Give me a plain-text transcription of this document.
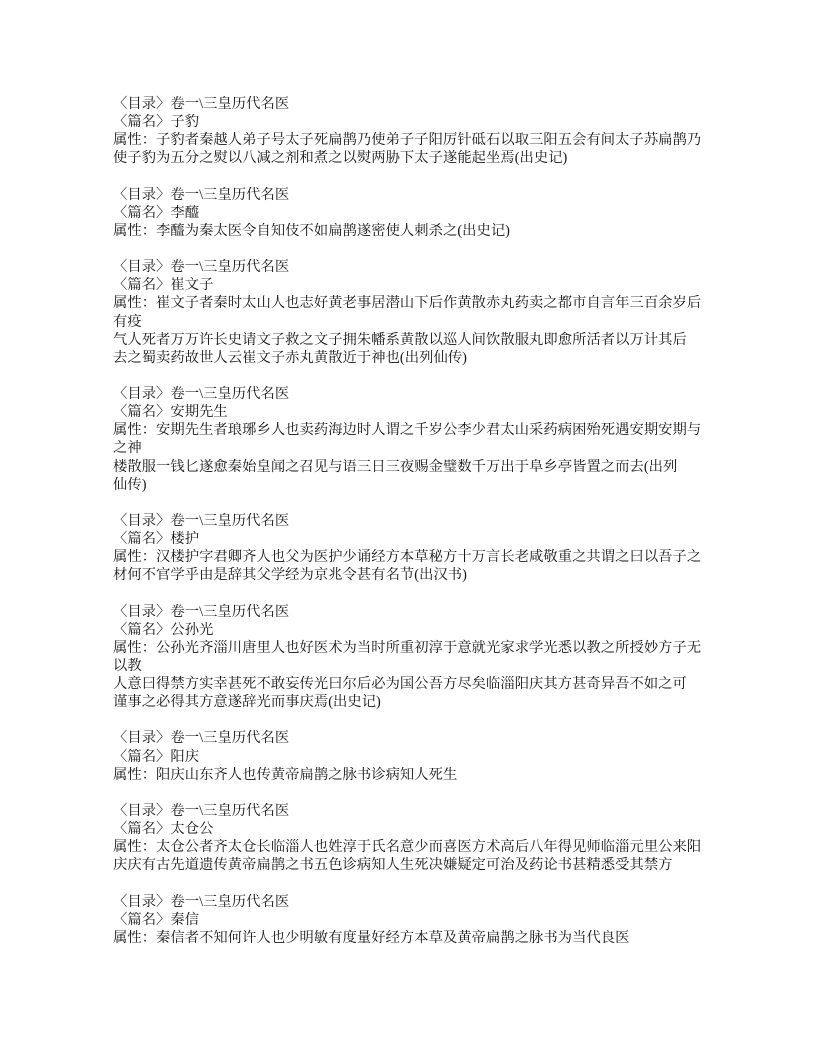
〈目录〉卷一\三皇历代名医
〈篇名〉子豹
属性：子豹者秦越人弟子号太子死扁鹊乃使弟子子阳厉针砥石以取三阳五会有间太子苏扁鹊乃
使子豹为五分之熨以八减之剂和煮之以熨两胁下太子遂能起坐焉(出史记)
〈目录〉卷一\三皇历代名医
〈篇名〉李醯
属性：李醯为秦太医令自知伎不如扁鹊遂密使人刺杀之(出史记)
〈目录〉卷一\三皇历代名医
〈篇名〉崔文子
属性：崔文子者秦时太山人也志好黄老事居潜山下后作黄散赤丸药卖之都市自言年三百余岁后
有疫
气人死者万万许长史请文子救之文子拥朱幡系黄散以巡人间饮散服丸即愈所活者以万计其后
去之蜀卖药故世人云崔文子赤丸黄散近于神也(出列仙传)
〈目录〉卷一\三皇历代名医
〈篇名〉安期先生
属性：安期先生者琅琊乡人也卖药海边时人谓之千岁公李少君太山采药病困殆死遇安期安期与
之神
楼散服一钱匕遂愈秦始皇闻之召见与语三日三夜赐金璧数千万出于阜乡亭皆置之而去(出列
仙传)
〈目录〉卷一\三皇历代名医
〈篇名〉楼护
属性：汉楼护字君卿齐人也父为医护少诵经方本草秘方十万言长老咸敬重之共谓之曰以吾子之
材何不官学乎由是辞其父学经为京兆令甚有名节(出汉书)
〈目录〉卷一\三皇历代名医
〈篇名〉公孙光
属性：公孙光齐淄川唐里人也好医术为当时所重初淳于意就光家求学光悉以教之所授妙方子无
以教
人意曰得禁方实幸甚死不敢妄传光曰尔后必为国公吾方尽矣临淄阳庆其方甚奇异吾不如之可
谨事之必得其方意遂辞光而事庆焉(出史记)
〈目录〉卷一\三皇历代名医
〈篇名〉阳庆
属性：阳庆山东齐人也传黄帝扁鹊之脉书诊病知人死生
〈目录〉卷一\三皇历代名医
〈篇名〉太仓公
属性：太仓公者齐太仓长临淄人也姓淳于氏名意少而喜医方术高后八年得见师临淄元里公来阳
庆庆有古先道遗传黄帝扁鹊之书五色诊病知人生死决嫌疑定可治及药论书甚精悉受其禁方
〈目录〉卷一\三皇历代名医
〈篇名〉秦信
属性：秦信者不知何许人也少明敏有度量好经方本草及黄帝扁鹊之脉书为当代良医
